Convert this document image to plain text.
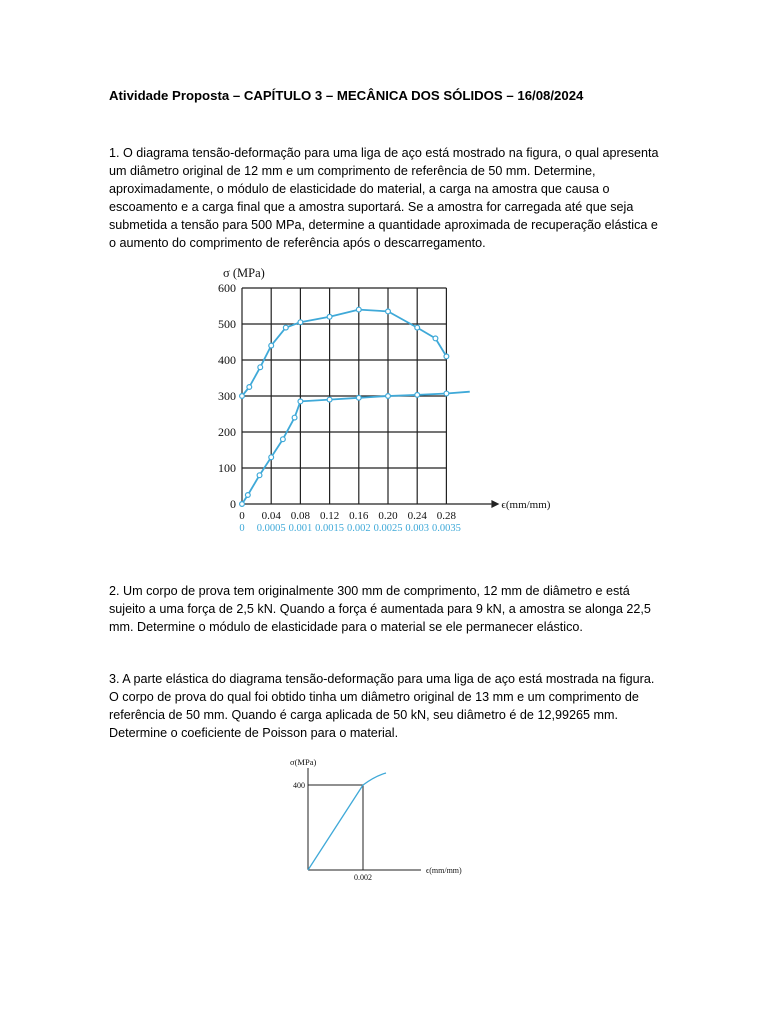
Atividade Proposta – CAPÍTULO 3 – MECÂNICA DOS SÓLIDOS – 16/08/2024

1. O diagrama tensão-deformação para uma liga de aço está mostrado na figura, o qual apresenta um diâmetro original de 12 mm e um comprimento de referência de 50 mm. Determine, aproximadamente, o módulo de elasticidade do material, a carga na amostra que causa o escoamento e a carga final que a amostra suportará. Se a amostra for carregada até que seja submetida a tensão para 500 MPa, determine a quantidade aproximada de recuperação elástica e o aumento do comprimento de referência após o descarregamento.

0
100
200
300
400
500
600
0 0.04 0.08 0.12 0.16 0.20 0.24 0.28
0 0.0005 0.001 0.0015 0.002 0.0025 0.003 0.0035
σ (MPa)
ϵ(mm/mm)

2. Um corpo de prova tem originalmente 300 mm de comprimento, 12 mm de diâmetro e está sujeito a uma força de 2,5 kN. Quando a força é aumentada para 9 kN, a amostra se alonga 22,5 mm. Determine o módulo de elasticidade para o material se ele permanecer elástico.

3. A parte elástica do diagrama tensão-deformação para uma liga de aço está mostrada na figura. O corpo de prova do qual foi obtido tinha um diâmetro original de 13 mm e um comprimento de referência de 50 mm. Quando é carga aplicada de 50 kN, seu diâmetro é de 12,99265 mm. Determine o coeficiente de Poisson para o material.

σ(MPa)
400
0.002
ϵ(mm/mm)
